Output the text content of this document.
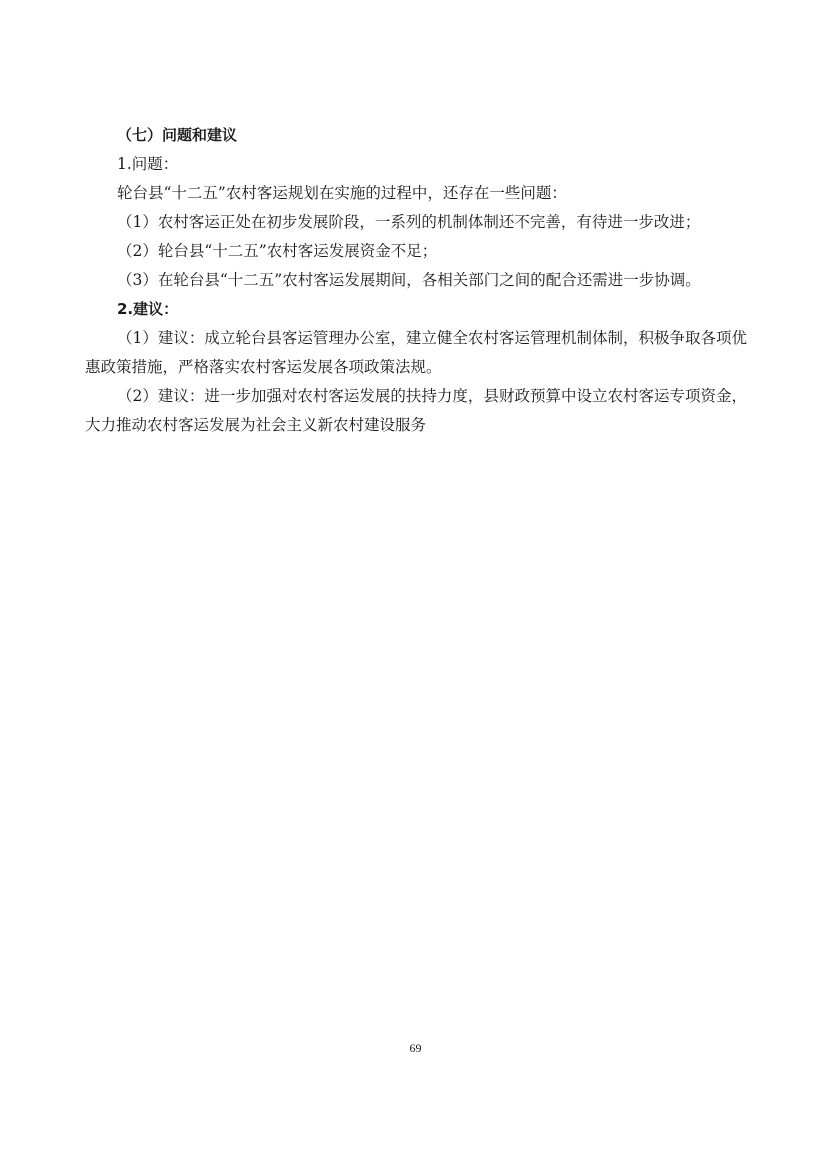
（七）问题和建议
1.问题：
轮台县“十二五”农村客运规划在实施的过程中，还存在一些问题：
（1）农村客运正处在初步发展阶段，一系列的机制体制还不完善，有待进一步改进；
（2）轮台县“十二五”农村客运发展资金不足；
（3）在轮台县“十二五”农村客运发展期间，各相关部门之间的配合还需进一步协调。
2.建议：
（1）建议：成立轮台县客运管理办公室，建立健全农村客运管理机制体制，积极争取各项优惠政策措施，严格落实农村客运发展各项政策法规。
（2）建议：进一步加强对农村客运发展的扶持力度，县财政预算中设立农村客运专项资金，大力推动农村客运发展为社会主义新农村建设服务
69
